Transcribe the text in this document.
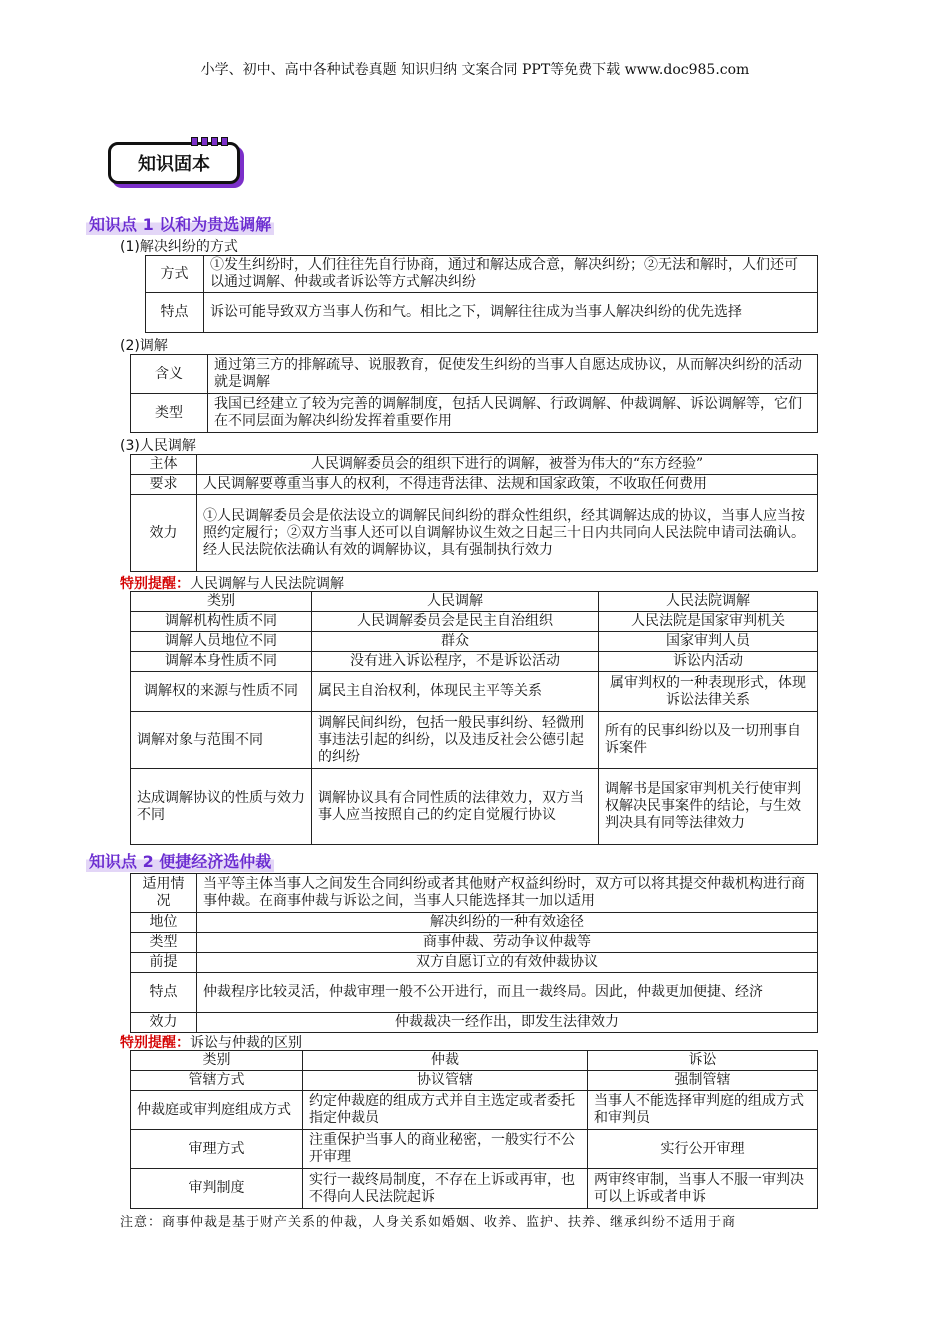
小学、初中、高中各种试卷真题 知识归纳 文案合同 PPT等免费下载 www.doc985.com
知识固本
知识点 1 以和为贵选调解
(1)解决纠纷的方式
方式	①发生纠纷时，人们往往先自行协商，通过和解达成合意，解决纠纷；②无法和解时，人们还可以通过调解、仲裁或者诉讼等方式解决纠纷
特点	诉讼可能导致双方当事人伤和气。相比之下，调解往往成为当事人解决纠纷的优先选择
(2)调解
含义	通过第三方的排解疏导、说服教育，促使发生纠纷的当事人自愿达成协议，从而解决纠纷的活动就是调解
类型	我国已经建立了较为完善的调解制度，包括人民调解、行政调解、仲裁调解、诉讼调解等，它们在不同层面为解决纠纷发挥着重要作用
(3)人民调解
主体	人民调解委员会的组织下进行的调解，被誉为伟大的“东方经验”
要求	人民调解要尊重当事人的权利，不得违背法律、法规和国家政策，不收取任何费用
效力	①人民调解委员会是依法设立的调解民间纠纷的群众性组织，经其调解达成的协议，当事人应当按照约定履行；②双方当事人还可以自调解协议生效之日起三十日内共同向人民法院申请司法确认。经人民法院依法确认有效的调解协议，具有强制执行效力
特别提醒：人民调解与人民法院调解
类别	人民调解	人民法院调解
调解机构性质不同	人民调解委员会是民主自治组织	人民法院是国家审判机关
调解人员地位不同	群众	国家审判人员
调解本身性质不同	没有进入诉讼程序，不是诉讼活动	诉讼内活动
调解权的来源与性质不同	属民主自治权利，体现民主平等关系	属审判权的一种表现形式，体现诉讼法律关系
调解对象与范围不同	调解民间纠纷，包括一般民事纠纷、轻微刑事违法引起的纠纷，以及违反社会公德引起的纠纷	所有的民事纠纷以及一切刑事自诉案件
达成调解协议的性质与效力不同	调解协议具有合同性质的法律效力，双方当事人应当按照自己的约定自觉履行协议	调解书是国家审判机关行使审判权解决民事案件的结论，与生效判决具有同等法律效力
知识点 2 便捷经济选仲裁
适用情况	当平等主体当事人之间发生合同纠纷或者其他财产权益纠纷时，双方可以将其提交仲裁机构进行商事仲裁。在商事仲裁与诉讼之间，当事人只能选择其一加以适用
地位	解决纠纷的一种有效途径
类型	商事仲裁、劳动争议仲裁等
前提	双方自愿订立的有效仲裁协议
特点	仲裁程序比较灵活，仲裁审理一般不公开进行，而且一裁终局。因此，仲裁更加便捷、经济
效力	仲裁裁决一经作出，即发生法律效力
特别提醒：诉讼与仲裁的区别
类别	仲裁	诉讼
管辖方式	协议管辖	强制管辖
仲裁庭或审判庭组成方式	约定仲裁庭的组成方式并自主选定或者委托指定仲裁员	当事人不能选择审判庭的组成方式和审判员
审理方式	注重保护当事人的商业秘密，一般实行不公开审理	实行公开审理
审判制度	实行一裁终局制度，不存在上诉或再审，也不得向人民法院起诉	两审终审制，当事人不服一审判决可以上诉或者申诉
注意：商事仲裁是基于财产关系的仲裁，人身关系如婚姻、收养、监护、扶养、继承纠纷不适用于商
